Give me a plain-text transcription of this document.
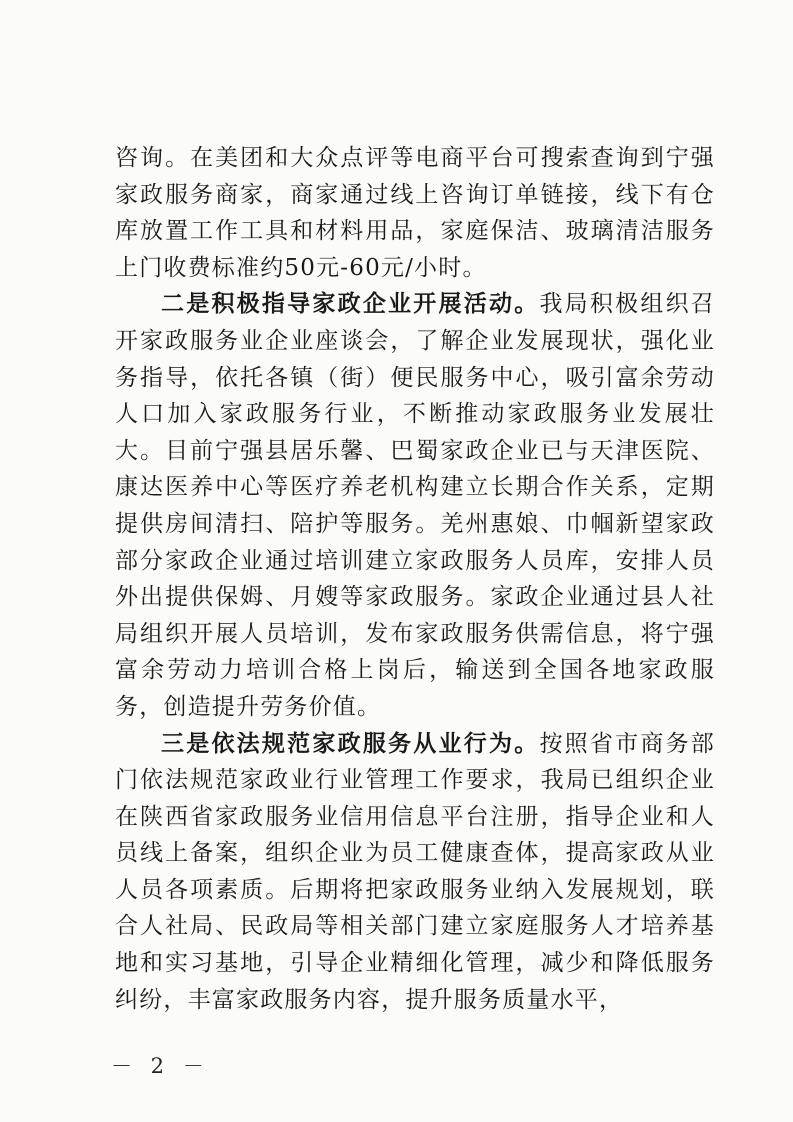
咨询。在美团和大众点评等电商平台可搜索查询到宁强家政服务商家，商家通过线上咨询订单链接，线下有仓库放置工作工具和材料用品，家庭保洁、玻璃清洁服务上门收费标准约50元-60元/小时。

二是积极指导家政企业开展活动。我局积极组织召开家政服务业企业座谈会，了解企业发展现状，强化业务指导，依托各镇（街）便民服务中心，吸引富余劳动人口加入家政服务行业，不断推动家政服务业发展壮大。目前宁强县居乐馨、巴蜀家政企业已与天津医院、康达医养中心等医疗养老机构建立长期合作关系，定期提供房间清扫、陪护等服务。羌州惠娘、巾帼新望家政部分家政企业通过培训建立家政服务人员库，安排人员外出提供保姆、月嫂等家政服务。家政企业通过县人社局组织开展人员培训，发布家政服务供需信息，将宁强富余劳动力培训合格上岗后，输送到全国各地家政服务，创造提升劳务价值。

三是依法规范家政服务从业行为。按照省市商务部门依法规范家政业行业管理工作要求，我局已组织企业在陕西省家政服务业信用信息平台注册，指导企业和人员线上备案，组织企业为员工健康查体，提高家政从业人员各项素质。后期将把家政服务业纳入发展规划，联合人社局、民政局等相关部门建立家庭服务人才培养基地和实习基地，引导企业精细化管理，减少和降低服务纠纷，丰富家政服务内容，提升服务质量水平，

－ 2 －
